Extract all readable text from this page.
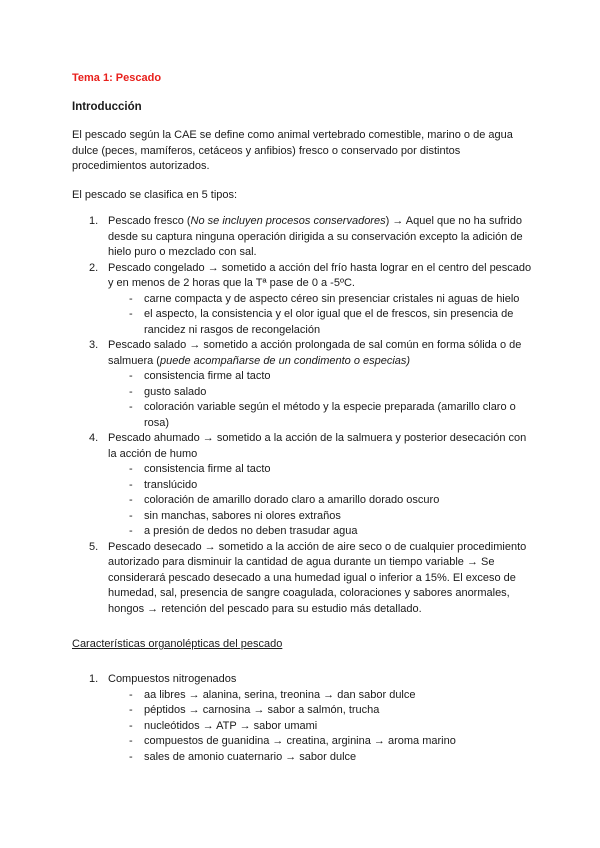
Tema 1: Pescado

Introducción

El pescado según la CAE se define como animal vertebrado comestible, marino o de agua dulce (peces, mamíferos, cetáceos y anfibios) fresco o conservado por distintos procedimientos autorizados.

El pescado se clasifica en 5 tipos:

1. Pescado fresco (No se incluyen procesos conservadores) → Aquel que no ha sufrido desde su captura ninguna operación dirigida a su conservación excepto la adición de hielo puro o mezclado con sal.
2. Pescado congelado → sometido a acción del frío hasta lograr en el centro del pescado y en menos de 2 horas que la Tª pase de 0 a -5ºC.
- carne compacta y de aspecto céreo sin presenciar cristales ni aguas de hielo
- el aspecto, la consistencia y el olor igual que el de frescos, sin presencia de rancidez ni rasgos de recongelación
3. Pescado salado → sometido a acción prolongada de sal común en forma sólida o de salmuera (puede acompañarse de un condimento o especias)
- consistencia firme al tacto
- gusto salado
- coloración variable según el método y la especie preparada (amarillo claro o rosa)
4. Pescado ahumado → sometido a la acción de la salmuera y posterior desecación con la acción de humo
- consistencia firme al tacto
- translúcido
- coloración de amarillo dorado claro a amarillo dorado oscuro
- sin manchas, sabores ni olores extraños
- a presión de dedos no deben trasudar agua
5. Pescado desecado → sometido a la acción de aire seco o de cualquier procedimiento autorizado para disminuir la cantidad de agua durante un tiempo variable → Se considerará pescado desecado a una humedad igual o inferior a 15%. El exceso de humedad, sal, presencia de sangre coagulada, coloraciones y sabores anormales, hongos → retención del pescado para su estudio más detallado.

Características organolépticas del pescado

1. Compuestos nitrogenados
- aa libres → alanina, serina, treonina → dan sabor dulce
- péptidos → carnosina → sabor a salmón, trucha
- nucleótidos → ATP → sabor umami
- compuestos de guanidina → creatina, arginina → aroma marino
- sales de amonio cuaternario → sabor dulce
